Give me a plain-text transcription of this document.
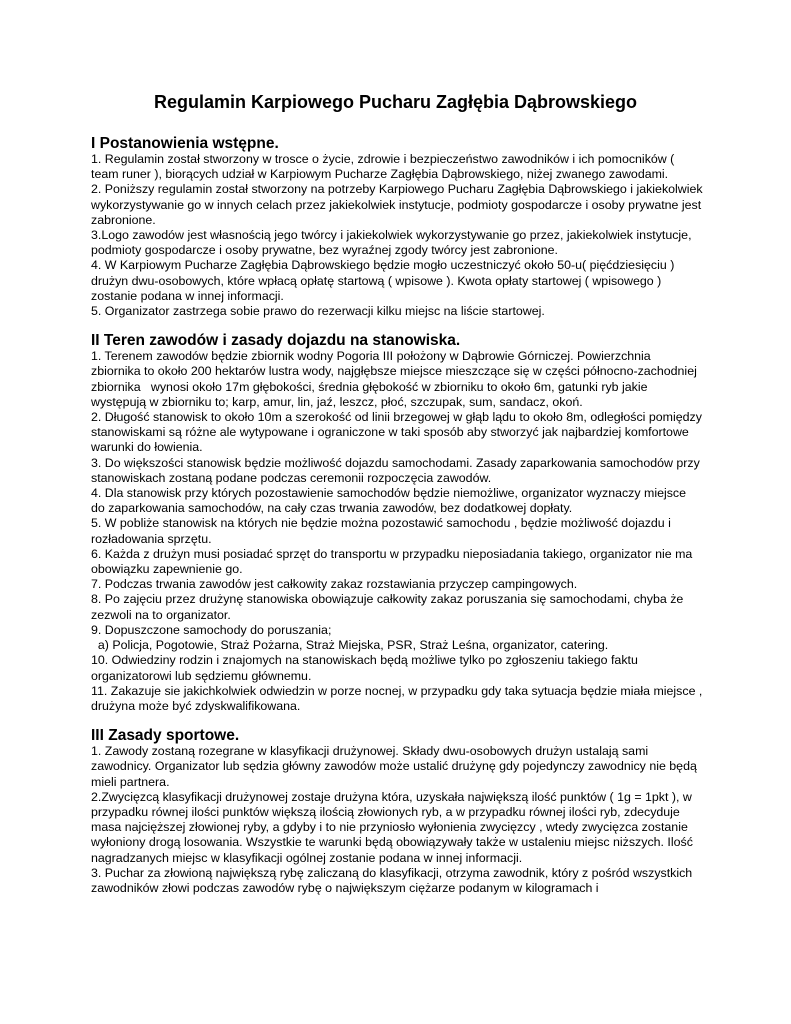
Regulamin Karpiowego Pucharu Zagłębia Dąbrowskiego
I Postanowienia wstępne.

1. Regulamin został stworzony w trosce o życie, zdrowie i bezpieczeństwo zawodników i ich pomocników ( team runer ), biorących udział w Karpiowym Pucharze Zagłębia Dąbrowskiego, niżej zwanego zawodami.

2. Poniższy regulamin został stworzony na potrzeby Karpiowego Pucharu Zagłębia Dąbrowskiego i jakiekolwiek wykorzystywanie go w innych celach przez jakiekolwiek instytucje, podmioty gospodarcze i osoby prywatne jest zabronione.

3.Logo zawodów jest własnością jego twórcy i jakiekolwiek wykorzystywanie go przez, jakiekolwiek instytucje, podmioty gospodarcze i osoby prywatne, bez wyraźnej zgody twórcy jest zabronione.

4. W Karpiowym Pucharze Zagłębia Dąbrowskiego będzie mogło uczestniczyć około 50-u( pięćdziesięciu ) drużyn dwu-osobowych, które wpłacą opłatę startową ( wpisowe ). Kwota opłaty startowej ( wpisowego ) zostanie podana w innej informacji.

5. Organizator zastrzega sobie prawo do rezerwacji kilku miejsc na liście startowej.

II Teren zawodów i zasady dojazdu na stanowiska.

1. Terenem zawodów będzie zbiornik wodny Pogoria III położony w Dąbrowie Górniczej. Powierzchnia zbiornika to około 200 hektarów lustra wody, najgłębsze miejsce mieszczące się w części północno-zachodniej zbiornika   wynosi około 17m głębokości, średnia głębokość w zbiorniku to około 6m, gatunki ryb jakie występują w zbiorniku to; karp, amur, lin, jaź, leszcz, płoć, szczupak, sum, sandacz, okoń.

2. Długość stanowisk to około 10m a szerokość od linii brzegowej w głąb lądu to około 8m, odległości pomiędzy stanowiskami są różne ale wytypowane i ograniczone w taki sposób aby stworzyć jak najbardziej komfortowe warunki do łowienia.

3. Do większości stanowisk będzie możliwość dojazdu samochodami. Zasady zaparkowania samochodów przy stanowiskach zostaną podane podczas ceremonii rozpoczęcia zawodów.

4. Dla stanowisk przy których pozostawienie samochodów będzie niemożliwe, organizator wyznaczy miejsce do zaparkowania samochodów, na cały czas trwania zawodów, bez dodatkowej dopłaty.

5. W pobliże stanowisk na których nie będzie można pozostawić samochodu , będzie możliwość dojazdu i rozładowania sprzętu.

6. Każda z drużyn musi posiadać sprzęt do transportu w przypadku nieposiadania takiego, organizator nie ma obowiązku zapewnienie go.

7. Podczas trwania zawodów jest całkowity zakaz rozstawiania przyczep campingowych.

8. Po zajęciu przez drużynę stanowiska obowiązuje całkowity zakaz poruszania się samochodami, chyba że zezwoli na to organizator.

9. Dopuszczone samochody do poruszania;

a) Policja, Pogotowie, Straż Pożarna, Straż Miejska, PSR, Straż Leśna, organizator, catering.

10. Odwiedziny rodzin i znajomych na stanowiskach będą możliwe tylko po zgłoszeniu takiego faktu organizatorowi lub sędziemu głównemu.

11. Zakazuje sie jakichkolwiek odwiedzin w porze nocnej, w przypadku gdy taka sytuacja będzie miała miejsce , drużyna może być zdyskwalifikowana.

III Zasady sportowe.

1. Zawody zostaną rozegrane w klasyfikacji drużynowej. Składy dwu-osobowych drużyn ustalają sami zawodnicy. Organizator lub sędzia główny zawodów może ustalić drużynę gdy pojedynczy zawodnicy nie będą mieli partnera.

2.Zwycięzcą klasyfikacji drużynowej zostaje drużyna która, uzyskała największą ilość punktów ( 1g = 1pkt ), w przypadku równej ilości punktów większą ilością złowionych ryb, a w przypadku równej ilości ryb, zdecyduje masa najcięższej złowionej ryby, a gdyby i to nie przyniosło wyłonienia zwycięzcy , wtedy zwycięzca zostanie wyłoniony drogą losowania. Wszystkie te warunki będą obowiązywały także w ustaleniu miejsc niższych. Ilość nagradzanych miejsc w klasyfikacji ogólnej zostanie podana w innej informacji.

3. Puchar za złowioną największą rybę zaliczaną do klasyfikacji, otrzyma zawodnik, który z pośród wszystkich zawodników złowi podczas zawodów rybę o największym ciężarze podanym w kilogramach i
